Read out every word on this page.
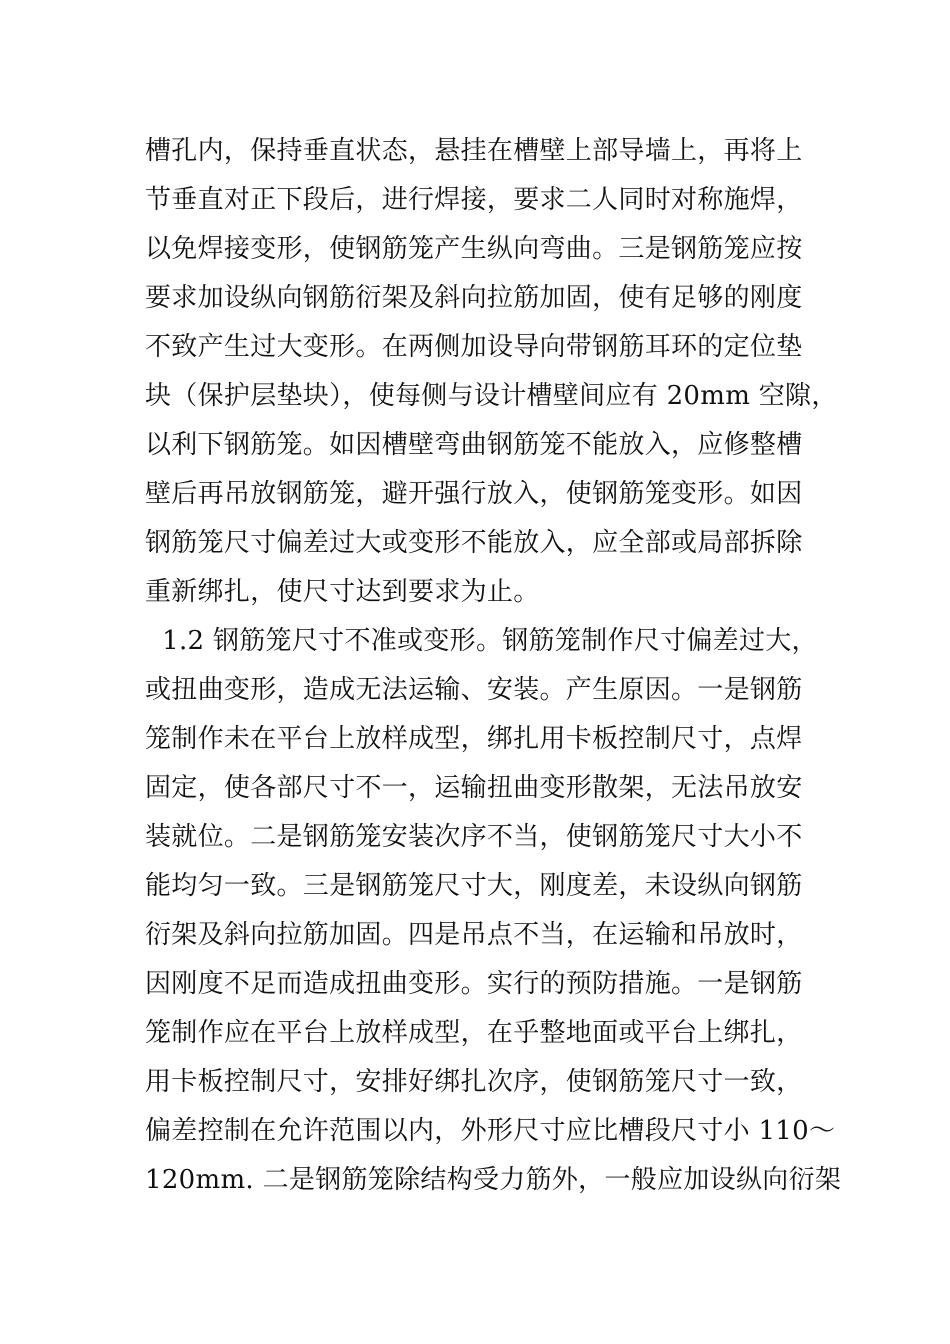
槽孔内，保持垂直状态，悬挂在槽壁上部导墙上，再将上
节垂直对正下段后，进行焊接，要求二人同时对称施焊，
以免焊接变形，使钢筋笼产生纵向弯曲。三是钢筋笼应按
要求加设纵向钢筋衍架及斜向拉筋加固，使有足够的刚度
不致产生过大变形。在两侧加设导向带钢筋耳环的定位垫
块（保护层垫块），使每侧与设计槽壁间应有 20mm 空隙，
以利下钢筋笼。如因槽壁弯曲钢筋笼不能放入，应修整槽
壁后再吊放钢筋笼，避开强行放入，使钢筋笼变形。如因
钢筋笼尺寸偏差过大或变形不能放入，应全部或局部拆除
重新绑扎，使尺寸达到要求为止。
1.2 钢筋笼尺寸不准或变形。钢筋笼制作尺寸偏差过大，
或扭曲变形，造成无法运输、安装。产生原因。一是钢筋
笼制作未在平台上放样成型，绑扎用卡板控制尺寸，点焊
固定，使各部尺寸不一，运输扭曲变形散架，无法吊放安
装就位。二是钢筋笼安装次序不当，使钢筋笼尺寸大小不
能均匀一致。三是钢筋笼尺寸大，刚度差，未设纵向钢筋
衍架及斜向拉筋加固。四是吊点不当，在运输和吊放时，
因刚度不足而造成扭曲变形。实行的预防措施。一是钢筋
笼制作应在平台上放样成型，在乎整地面或平台上绑扎，
用卡板控制尺寸，安排好绑扎次序，使钢筋笼尺寸一致，
偏差控制在允许范围以内，外形尺寸应比槽段尺寸小 110～
120mm. 二是钢筋笼除结构受力筋外，一般应加设纵向衍架
